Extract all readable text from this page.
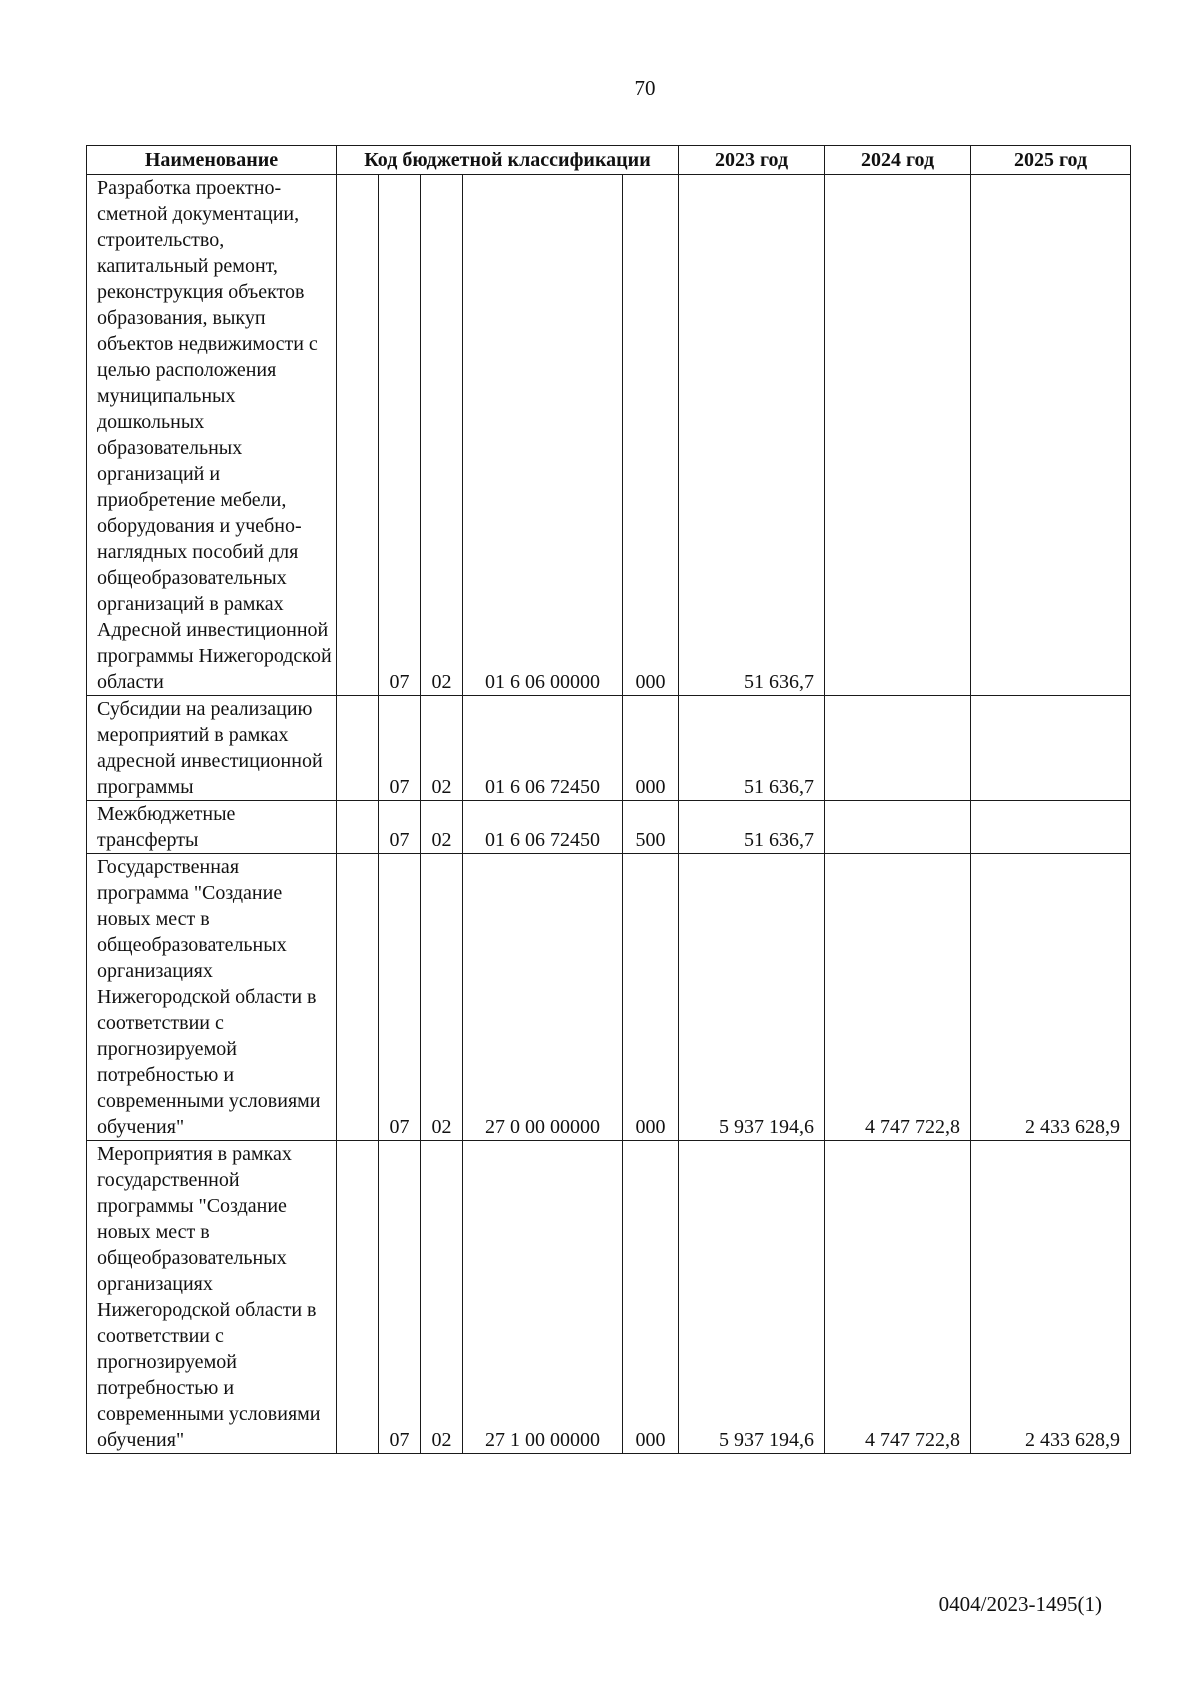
70
Наименование	Код бюджетной классификации					2023 год	2024 год	2025 год
Разработка проектно-сметной документации, строительство, капитальный ремонт, реконструкция объектов образования, выкуп объектов недвижимости с целью расположения муниципальных дошкольных образовательных организаций и приобретение мебели, оборудования и учебно-наглядных пособий для общеобразовательных организаций в рамках Адресной инвестиционной программы Нижегородской области		07	02	01 6 06 00000	000	51 636,7		
Субсидии на реализацию мероприятий в рамках адресной инвестиционной программы		07	02	01 6 06 72450	000	51 636,7		
Межбюджетные трансферты		07	02	01 6 06 72450	500	51 636,7		
Государственная программа "Создание новых мест в общеобразовательных организациях Нижегородской области в соответствии с прогнозируемой потребностью и современными условиями обучения"		07	02	27 0 00 00000	000	5 937 194,6	4 747 722,8	2 433 628,9
Мероприятия в рамках государственной программы "Создание новых мест в общеобразовательных организациях Нижегородской области в соответствии с прогнозируемой потребностью и современными условиями обучения"		07	02	27 1 00 00000	000	5 937 194,6	4 747 722,8	2 433 628,9
0404/2023-1495(1)
